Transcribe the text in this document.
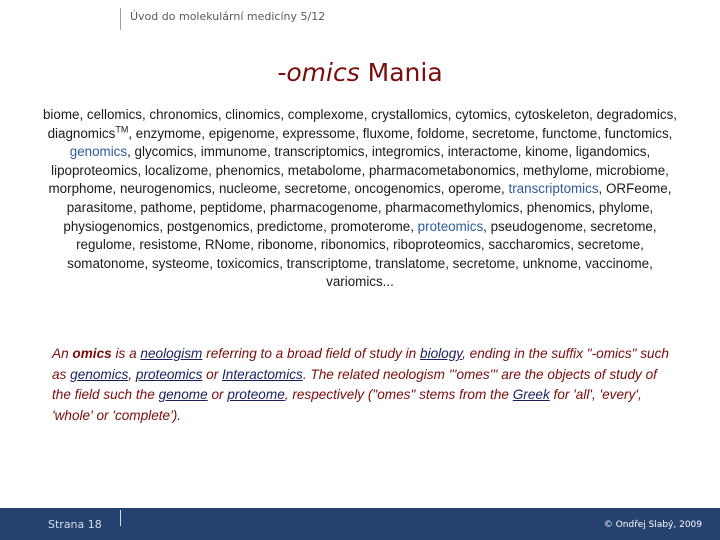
Úvod do molekulární medicíny 5/12
-omics Mania
biome, cellomics, chronomics, clinomics, complexome, crystallomics, cytomics, cytoskeleton, degradomics, diagnomics™, enzymome, epigenome, expressome, fluxome, foldome, secretome, functome, functomics, genomics, glycomics, immunome, transcriptomics, integromics, interactome, kinome, ligandomics, lipoproteomics, localizome, phenomics, metabolome, pharmacometabonomics, methylome, microbiome, morphome, neurogenomics, nucleome, secretome, oncogenomics, operome, transcriptomics, ORFeome, parasitome, pathome, peptidome, pharmacogenome, pharmacomethylomics, phenomics, phylome, physiogenomics, postgenomics, predictome, promoterome, proteomics, pseudogenome, secretome, regulome, resistome, RNome, ribonome, ribonomics, riboproteomics, saccharomics, secretome, somatonome, systeome, toxicomics, transcriptome, translatome, secretome, unknome, vaccinome, variomics...
An omics is a neologism referring to a broad field of study in biology, ending in the suffix "-omics" such as genomics, proteomics or Interactomics. The related neologism '''omes''' are the objects of study of the field such the genome or proteome, respectively ("omes" stems from the Greek for 'all', 'every', 'whole' or 'complete').
Strana 18	© Ondřej Slabý, 2009
